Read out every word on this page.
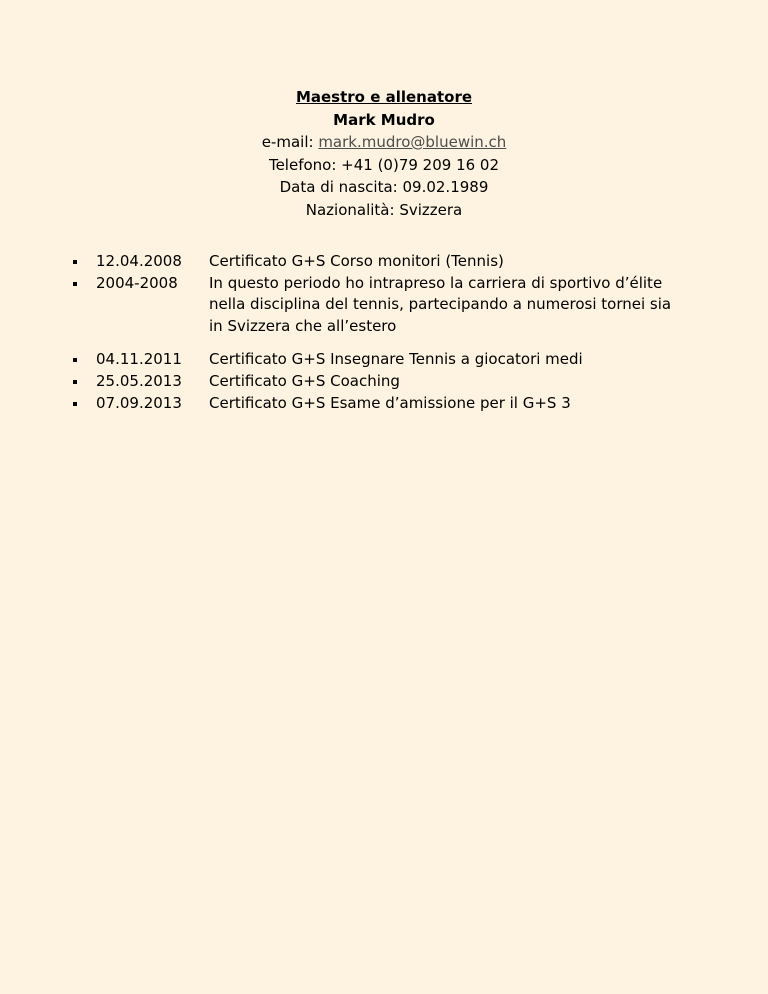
Maestro e allenatore
Mark Mudro
e-mail: mark.mudro@bluewin.ch
Telefono: +41 (0)79 209 16 02
Data di nascita: 09.02.1989
Nazionalità: Svizzera
12.04.2008	Certificato G+S Corso monitori (Tennis)
2004-2008	In questo periodo ho intrapreso la carriera di sportivo d’élite
nella disciplina del tennis, partecipando a numerosi tornei sia
in Svizzera che all’estero
04.11.2011	Certificato G+S Insegnare Tennis a giocatori medi
25.05.2013	Certificato G+S Coaching
07.09.2013	Certificato G+S Esame d’amissione per il G+S 3
